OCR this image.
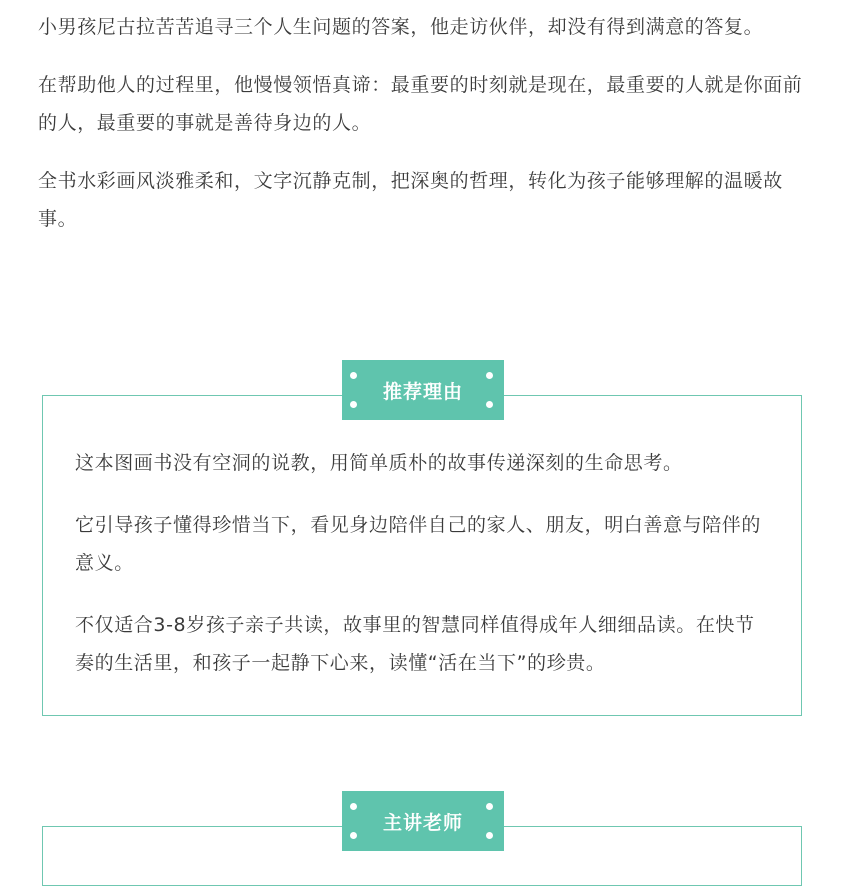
小男孩尼古拉苦苦追寻三个人生问题的答案，他走访伙伴，却没有得到满意的答复。

在帮助他人的过程里，他慢慢领悟真谛：最重要的时刻就是现在，最重要的人就是你面前的人，最重要的事就是善待身边的人。

全书水彩画风淡雅柔和，文字沉静克制，把深奥的哲理，转化为孩子能够理解的温暖故事。

这本图画书没有空洞的说教，用简单质朴的故事传递深刻的生命思考。

它引导孩子懂得珍惜当下，看见身边陪伴自己的家人、朋友，明白善意与陪伴的意义。

不仅适合3-8岁孩子亲子共读，故事里的智慧同样值得成年人细细品读。在快节奏的生活里，和孩子一起静下心来，读懂“活在当下”的珍贵。

推荐理由
主讲老师
